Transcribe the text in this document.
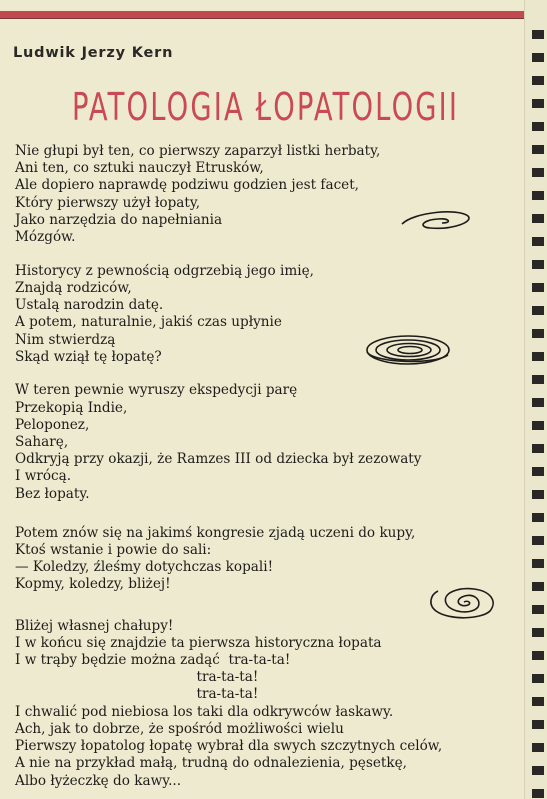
Ludwik Jerzy Kern
PATOLOGIA ŁOPATOLOGII
Nie głupi był ten, co pierwszy zaparzył listki herbaty,
Ani ten, co sztuki nauczył Etrusków,
Ale dopiero naprawdę podziwu godzien jest facet,
Który pierwszy użył łopaty,
Jako narzędzia do napełniania
Mózgów.
Historycy z pewnością odgrzebią jego imię,
Znajdą rodziców,
Ustalą narodzin datę.
A potem, naturalnie, jakiś czas upłynie
Nim stwierdzą
Skąd wziął tę łopatę?
W teren pewnie wyruszy ekspedycji parę
Przekopią Indie,
Peloponez,
Saharę,
Odkryją przy okazji, że Ramzes III od dziecka był zezowaty
I wrócą.
Bez łopaty.
Potem znów się na jakimś kongresie zjadą uczeni do kupy,
Ktoś wstanie i powie do sali:
— Koledzy, źleśmy dotychczas kopali!
Kopmy, koledzy, bliżej!
Bliżej własnej chałupy!
I w końcu się znajdzie ta pierwsza historyczna łopata
I w trąby będzie można zadąć  tra-ta-ta!
tra-ta-ta!
tra-ta-ta!
I chwalić pod niebiosa los taki dla odkrywców łaskawy.
Ach, jak to dobrze, że spośród możliwości wielu
Pierwszy łopatolog łopatę wybrał dla swych szczytnych celów,
A nie na przykład małą, trudną do odnalezienia, pęsetkę,
Albo łyżeczkę do kawy...
